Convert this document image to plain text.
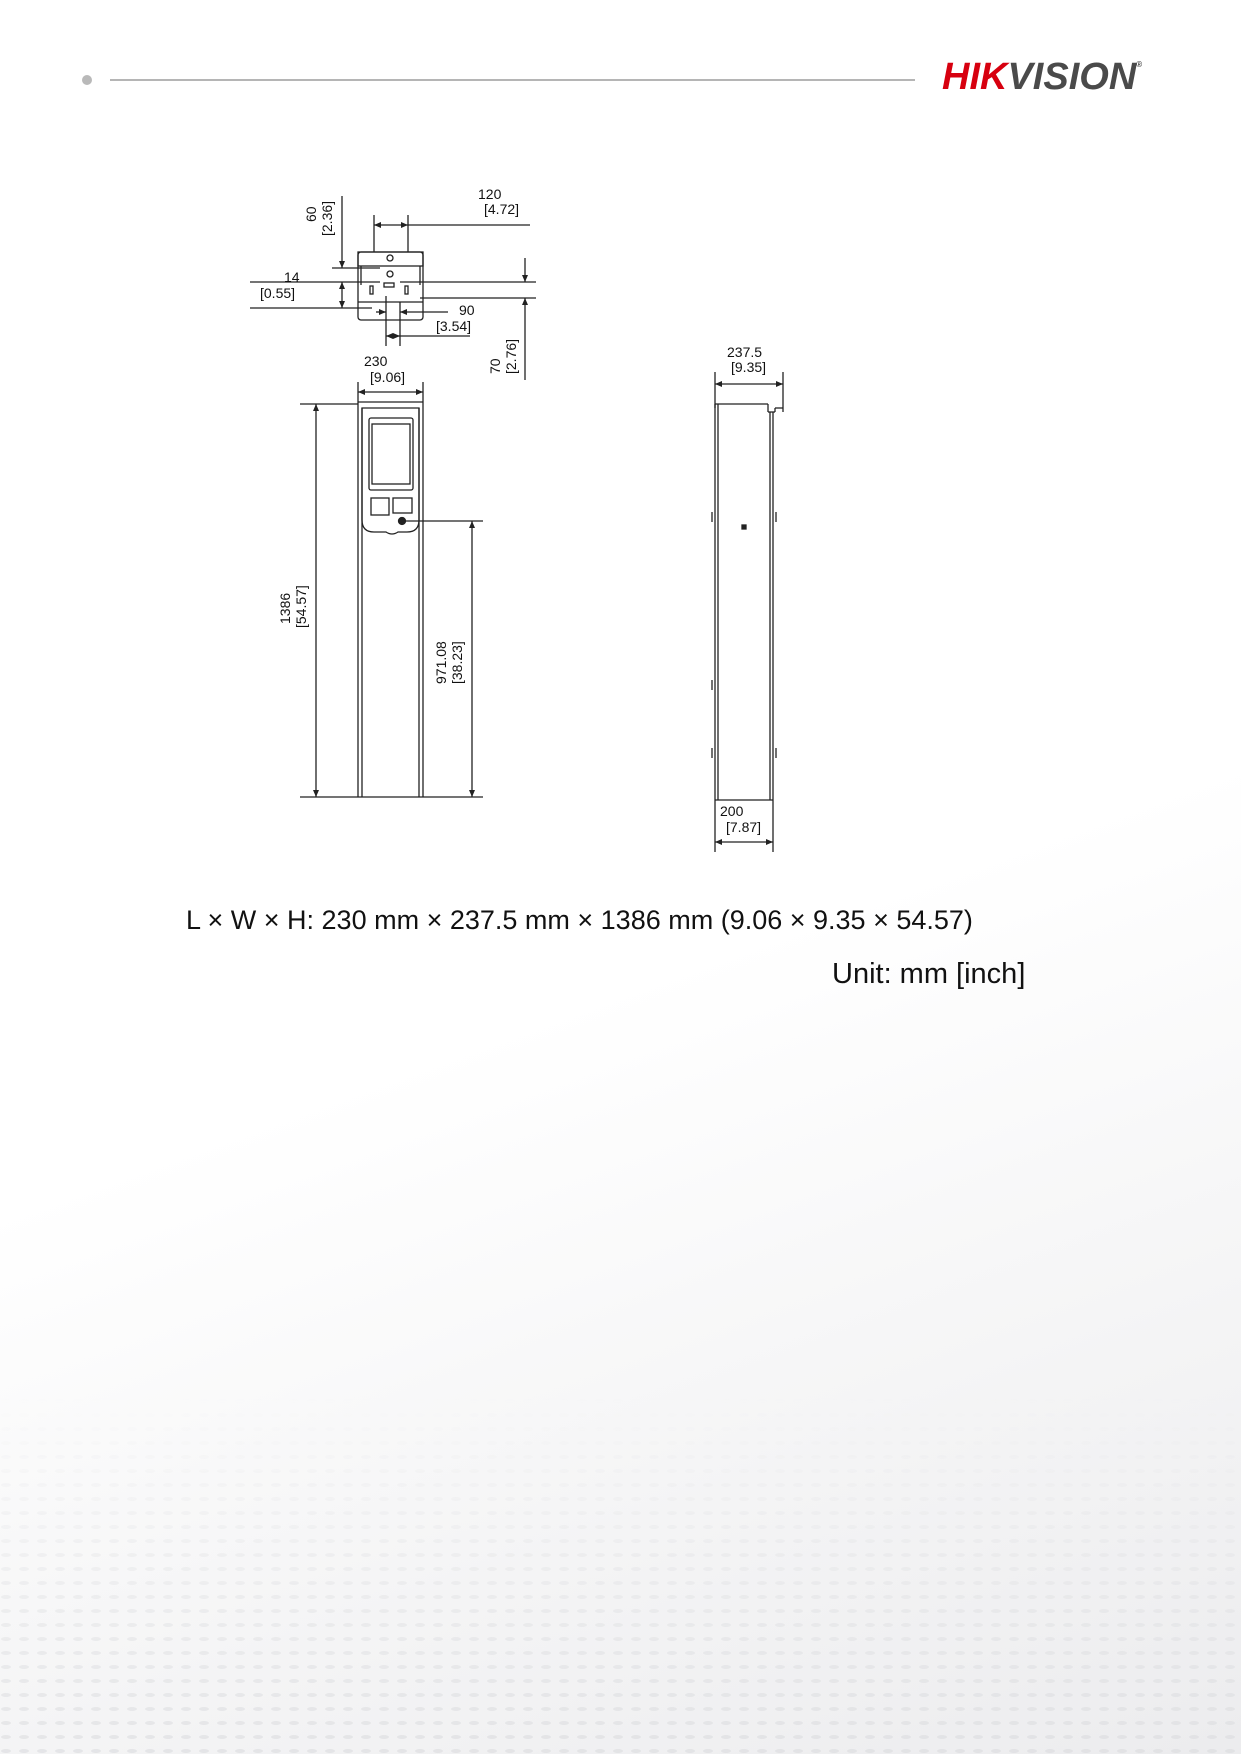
HIKVISION®
120
[4.72]
60 [2.36]
14
[0.55]
90
[3.54]
70 [2.76]
230
[9.06]
1386 [54.57]
971.08 [38.23]
237.5
[9.35]
200
[7.87]
L × W × H: 230 mm × 237.5 mm × 1386 mm (9.06 × 9.35 × 54.57)
Unit: mm [inch]
